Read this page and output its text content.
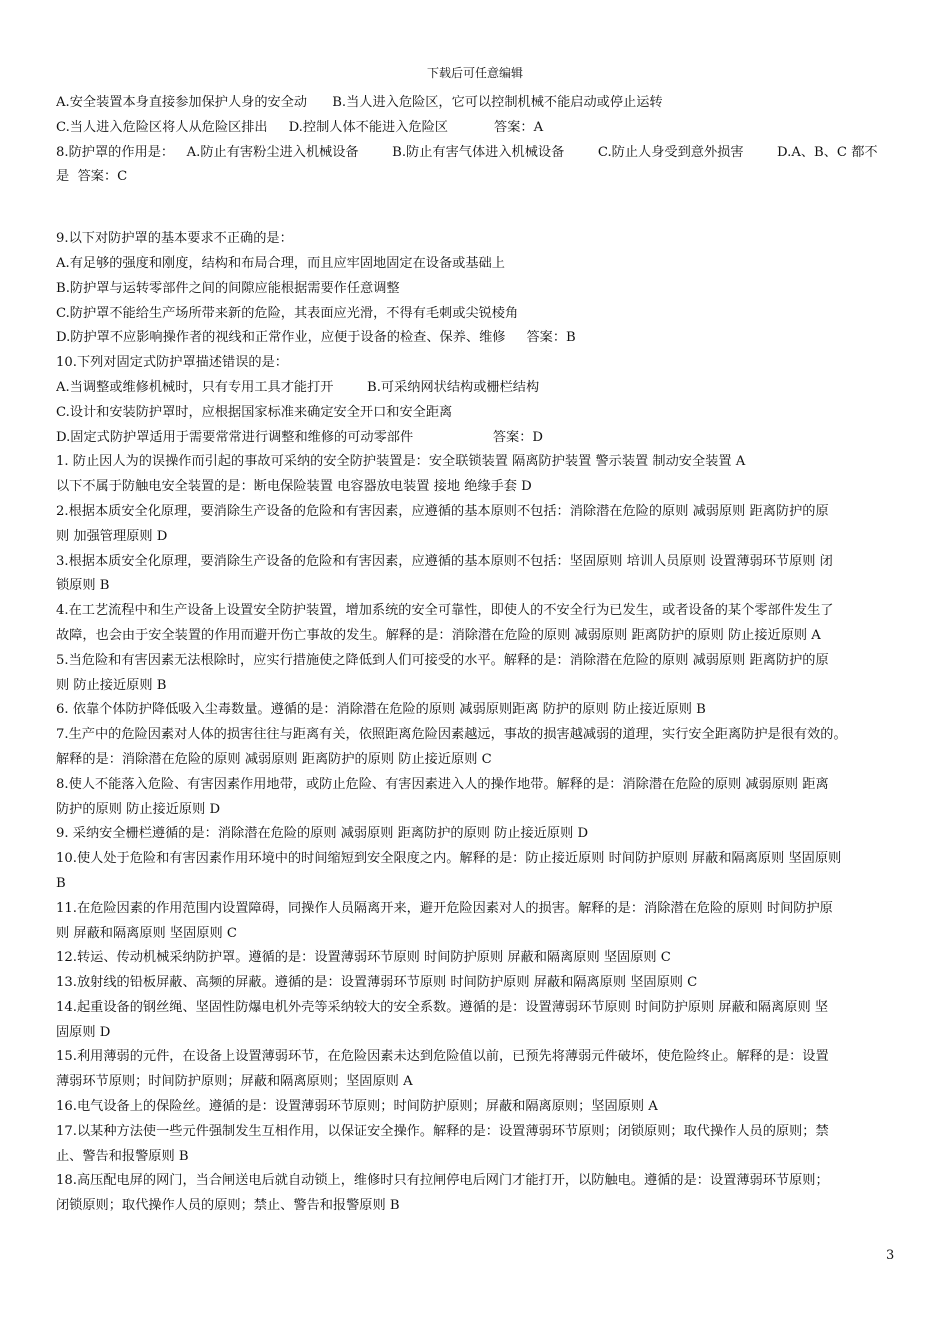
下载后可任意编辑
A.安全装置本身直接参加保护人身的安全动      B.当人进入危险区，它可以控制机械不能启动或停止运转
C.当人进入危险区将人从危险区排出     D.控制人体不能进入危险区           答案：A
8.防护罩的作用是：   A.防止有害粉尘进入机械设备        B.防止有害气体进入机械设备        C.防止人身受到意外损害        D.A、B、C 都不
是  答案：C
9.以下对防护罩的基本要求不正确的是：
A.有足够的强度和刚度，结构和布局合理，而且应牢固地固定在设备或基础上
B.防护罩与运转零部件之间的间隙应能根据需要作任意调整
C.防护罩不能给生产场所带来新的危险，其表面应光滑，不得有毛刺或尖锐棱角
D.防护罩不应影响操作者的视线和正常作业，应便于设备的检查、保养、维修     答案：B
10.下列对固定式防护罩描述错误的是：
A.当调整或维修机械时，只有专用工具才能打开        B.可采纳网状结构或栅栏结构
C.设计和安装防护罩时，应根据国家标准来确定安全开口和安全距离
D.固定式防护罩适用于需要常常进行调整和维修的可动零部件                   答案：D
1. 防止因人为的误操作而引起的事故可采纳的安全防护装置是：安全联锁装置 隔离防护装置 警示装置 制动安全装置 A
以下不属于防触电安全装置的是：断电保险装置 电容器放电装置 接地 绝缘手套 D
2.根据本质安全化原理，要消除生产设备的危险和有害因素，应遵循的基本原则不包括：消除潜在危险的原则 减弱原则 距离防护的原
则 加强管理原则 D
3.根据本质安全化原理，要消除生产设备的危险和有害因素，应遵循的基本原则不包括：坚固原则 培训人员原则 设置薄弱环节原则 闭
锁原则 B
4.在工艺流程中和生产设备上设置安全防护装置，增加系统的安全可靠性，即使人的不安全行为已发生，或者设备的某个零部件发生了
故障，也会由于安全装置的作用而避开伤亡事故的发生。解释的是：消除潜在危险的原则 减弱原则 距离防护的原则 防止接近原则 A
5.当危险和有害因素无法根除时，应实行措施使之降低到人们可接受的水平。解释的是：消除潜在危险的原则 减弱原则 距离防护的原
则 防止接近原则 B
6. 依靠个体防护降低吸入尘毒数量。遵循的是：消除潜在危险的原则 减弱原则距离 防护的原则 防止接近原则 B
7.生产中的危险因素对人体的损害往往与距离有关，依照距离危险因素越远，事故的损害越减弱的道理，实行安全距离防护是很有效的。
解释的是：消除潜在危险的原则 减弱原则 距离防护的原则 防止接近原则 C
8.使人不能落入危险、有害因素作用地带，或防止危险、有害因素进入人的操作地带。解释的是：消除潜在危险的原则 减弱原则 距离
防护的原则 防止接近原则 D
9. 采纳安全栅栏遵循的是：消除潜在危险的原则 减弱原则 距离防护的原则 防止接近原则 D
10.使人处于危险和有害因素作用环境中的时间缩短到安全限度之内。解释的是：防止接近原则 时间防护原则 屏蔽和隔离原则 坚固原则
B
11.在危险因素的作用范围内设置障碍，同操作人员隔离开来，避开危险因素对人的损害。解释的是：消除潜在危险的原则 时间防护原
则 屏蔽和隔离原则 坚固原则 C
12.转运、传动机械采纳防护罩。遵循的是：设置薄弱环节原则 时间防护原则 屏蔽和隔离原则 坚固原则 C
13.放射线的铅板屏蔽、高频的屏蔽。遵循的是：设置薄弱环节原则 时间防护原则 屏蔽和隔离原则 坚固原则 C
14.起重设备的钢丝绳、坚固性防爆电机外壳等采纳较大的安全系数。遵循的是：设置薄弱环节原则 时间防护原则 屏蔽和隔离原则 坚
固原则 D
15.利用薄弱的元件，在设备上设置薄弱环节，在危险因素未达到危险值以前，已预先将薄弱元件破坏，使危险终止。解释的是：设置
薄弱环节原则；时间防护原则；屏蔽和隔离原则；坚固原则 A
16.电气设备上的保险丝。遵循的是：设置薄弱环节原则；时间防护原则；屏蔽和隔离原则；坚固原则 A
17.以某种方法使一些元件强制发生互相作用，以保证安全操作。解释的是：设置薄弱环节原则；闭锁原则；取代操作人员的原则；禁
止、警告和报警原则 B
18.高压配电屏的网门，当合闸送电后就自动锁上，维修时只有拉闸停电后网门才能打开，以防触电。遵循的是：设置薄弱环节原则；
闭锁原则；取代操作人员的原则；禁止、警告和报警原则 B
3
